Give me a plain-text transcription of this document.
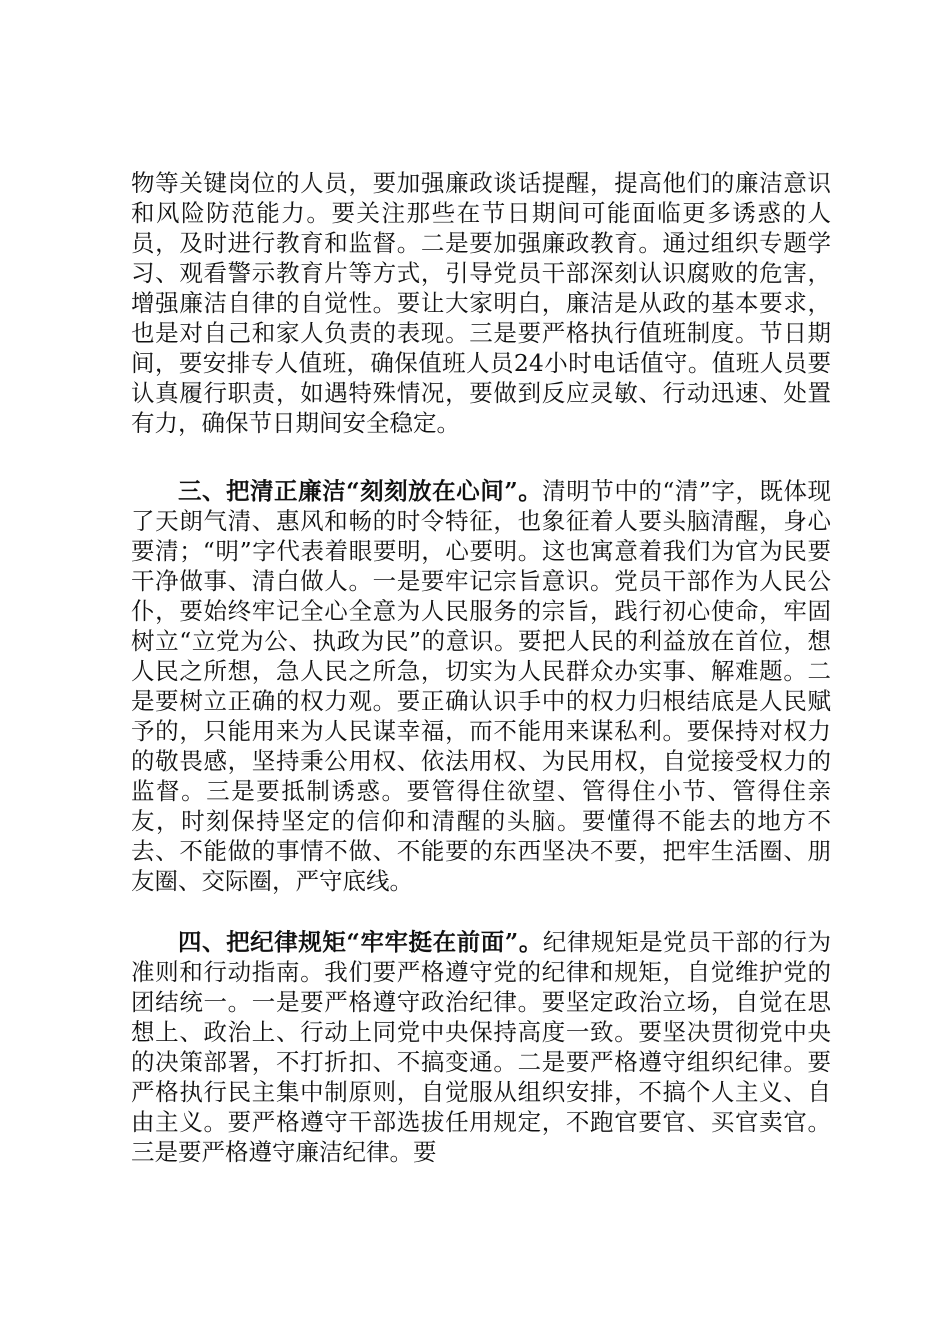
物等关键岗位的人员，要加强廉政谈话提醒，提高他们的廉洁意识和风险防范能力。要关注那些在节日期间可能面临更多诱惑的人员，及时进行教育和监督。二是要加强廉政教育。通过组织专题学习、观看警示教育片等方式，引导党员干部深刻认识腐败的危害，增强廉洁自律的自觉性。要让大家明白，廉洁是从政的基本要求，也是对自己和家人负责的表现。三是要严格执行值班制度。节日期间，要安排专人值班，确保值班人员24小时电话值守。值班人员要认真履行职责，如遇特殊情况，要做到反应灵敏、行动迅速、处置有力，确保节日期间安全稳定。

三、把清正廉洁“刻刻放在心间”。清明节中的“清”字，既体现了天朗气清、惠风和畅的时令特征，也象征着人要头脑清醒，身心要清；“明”字代表着眼要明，心要明。这也寓意着我们为官为民要干净做事、清白做人。一是要牢记宗旨意识。党员干部作为人民公仆，要始终牢记全心全意为人民服务的宗旨，践行初心使命，牢固树立“立党为公、执政为民”的意识。要把人民的利益放在首位，想人民之所想，急人民之所急，切实为人民群众办实事、解难题。二是要树立正确的权力观。要正确认识手中的权力归根结底是人民赋予的，只能用来为人民谋幸福，而不能用来谋私利。要保持对权力的敬畏感，坚持秉公用权、依法用权、为民用权，自觉接受权力的监督。三是要抵制诱惑。要管得住欲望、管得住小节、管得住亲友，时刻保持坚定的信仰和清醒的头脑。要懂得不能去的地方不去、不能做的事情不做、不能要的东西坚决不要，把牢生活圈、朋友圈、交际圈，严守底线。

四、把纪律规矩“牢牢挺在前面”。纪律规矩是党员干部的行为准则和行动指南。我们要严格遵守党的纪律和规矩，自觉维护党的团结统一。一是要严格遵守政治纪律。要坚定政治立场，自觉在思想上、政治上、行动上同党中央保持高度一致。要坚决贯彻党中央的决策部署，不打折扣、不搞变通。二是要严格遵守组织纪律。要严格执行民主集中制原则，自觉服从组织安排，不搞个人主义、自由主义。要严格遵守干部选拔任用规定，不跑官要官、买官卖官。三是要严格遵守廉洁纪律。要
